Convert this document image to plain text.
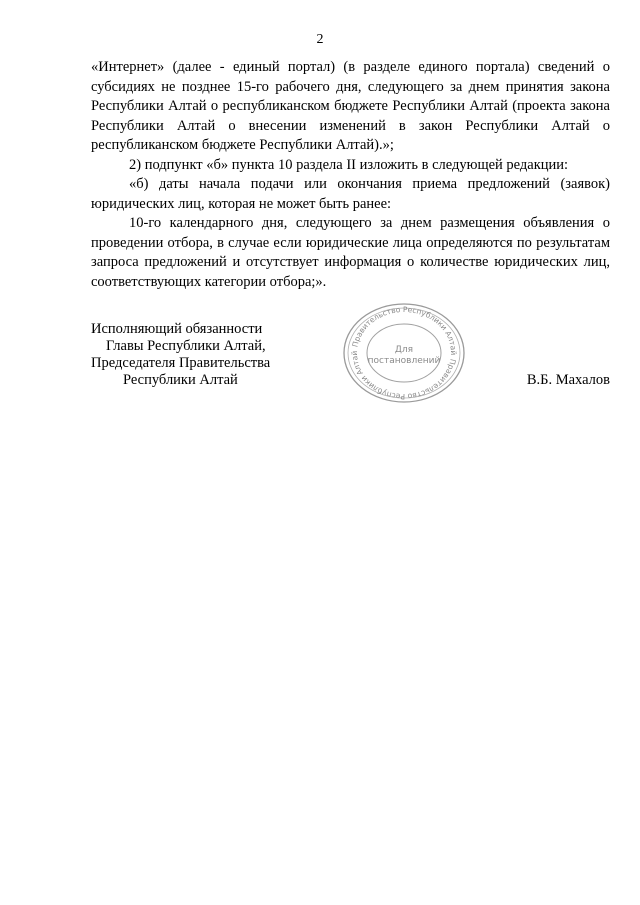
2

«Интернет» (далее - единый портал) (в разделе единого портала) сведений о субсидиях не позднее 15-го рабочего дня, следующего за днем принятия закона Республики Алтай о республиканском бюджете Республики Алтай (проекта закона Республики Алтай о внесении изменений в закон Республики Алтай о республиканском бюджете Республики Алтай).»;

2) подпункт «б» пункта 10 раздела II изложить в следующей редакции:

«б) даты начала подачи или окончания приема предложений (заявок) юридических лиц, которая не может быть ранее:

10-го календарного дня, следующего за днем размещения объявления о проведении отбора, в случае если юридические лица определяются по результатам запроса предложений и отсутствует информация о количестве юридических лиц, соответствующих категории отбора;».

Исполняющий обязанности
Главы Республики Алтай,
Председателя Правительства
Республики Алтай
Правительство Республики Алтай
Правительство Республики Алтай	Для
постановлений
В.Б. Махалов
